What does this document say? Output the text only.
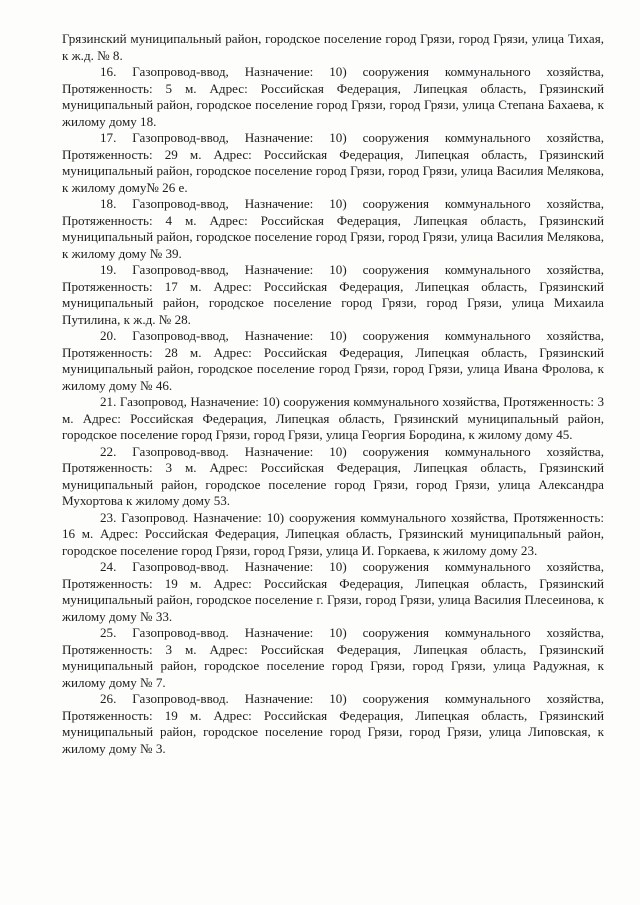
Грязинский муниципальный район, городское поселение город Грязи, город Грязи, улица Тихая, к ж.д. № 8.

16. Газопровод-ввод, Назначение: 10) сооружения коммунального хозяйства, Протяженность: 5 м. Адрес: Российская Федерация, Липецкая область, Грязинский муниципальный район, городское поселение город Грязи, город Грязи, улица Степана Бахаева, к жилому дому 18.

17. Газопровод-ввод, Назначение: 10) сооружения коммунального хозяйства, Протяженность: 29 м. Адрес: Российская Федерация, Липецкая область, Грязинский муниципальный район, городское поселение город Грязи, город Грязи, улица Василия Мелякова, к жилому дому№ 26 е.

18. Газопровод-ввод, Назначение: 10) сооружения коммунального хозяйства, Протяженность: 4 м. Адрес: Российская Федерация, Липецкая область, Грязинский муниципальный район, городское поселение город Грязи, город Грязи, улица Василия Мелякова, к жилому дому № 39.

19. Газопровод-ввод, Назначение: 10) сооружения коммунального хозяйства, Протяженность: 17 м. Адрес: Российская Федерация, Липецкая область, Грязинский муниципальный район, городское поселение город Грязи, город Грязи, улица Михаила Путилина, к ж.д. № 28.

20. Газопровод-ввод, Назначение: 10) сооружения коммунального хозяйства, Протяженность: 28 м. Адрес: Российская Федерация, Липецкая область, Грязинский муниципальный район, городское поселение город Грязи, город Грязи, улица Ивана Фролова, к жилому дому № 46.

21. Газопровод, Назначение: 10) сооружения коммунального хозяйства, Протяженность: 3 м. Адрес: Российская Федерация, Липецкая область, Грязинский муниципальный район, городское поселение город Грязи, город Грязи, улица Георгия Бородина, к жилому дому 45.

22. Газопровод-ввод. Назначение: 10) сооружения коммунального хозяйства, Протяженность: 3 м. Адрес: Российская Федерация, Липецкая область, Грязинский муниципальный район, городское поселение город Грязи, город Грязи, улица Александра Мухортова к жилому дому 53.

23. Газопровод. Назначение: 10) сооружения коммунального хозяйства, Протяженность: 16 м. Адрес: Российская Федерация, Липецкая область, Грязинский муниципальный район, городское поселение город Грязи, город Грязи, улица И. Горкаева, к жилому дому 23.

24. Газопровод-ввод. Назначение: 10) сооружения коммунального хозяйства, Протяженность: 19 м. Адрес: Российская Федерация, Липецкая область, Грязинский муниципальный район, городское поселение г. Грязи, город Грязи, улица Василия Плесеинова, к жилому дому № 33.

25. Газопровод-ввод. Назначение: 10) сооружения коммунального хозяйства, Протяженность: 3 м. Адрес: Российская Федерация, Липецкая область, Грязинский муниципальный район, городское поселение город Грязи, город Грязи, улица Радужная, к жилому дому № 7.

26. Газопровод-ввод. Назначение: 10) сооружения коммунального хозяйства, Протяженность: 19 м. Адрес: Российская Федерация, Липецкая область, Грязинский муниципальный район, городское поселение город Грязи, город Грязи, улица Липовская, к жилому дому № 3.
